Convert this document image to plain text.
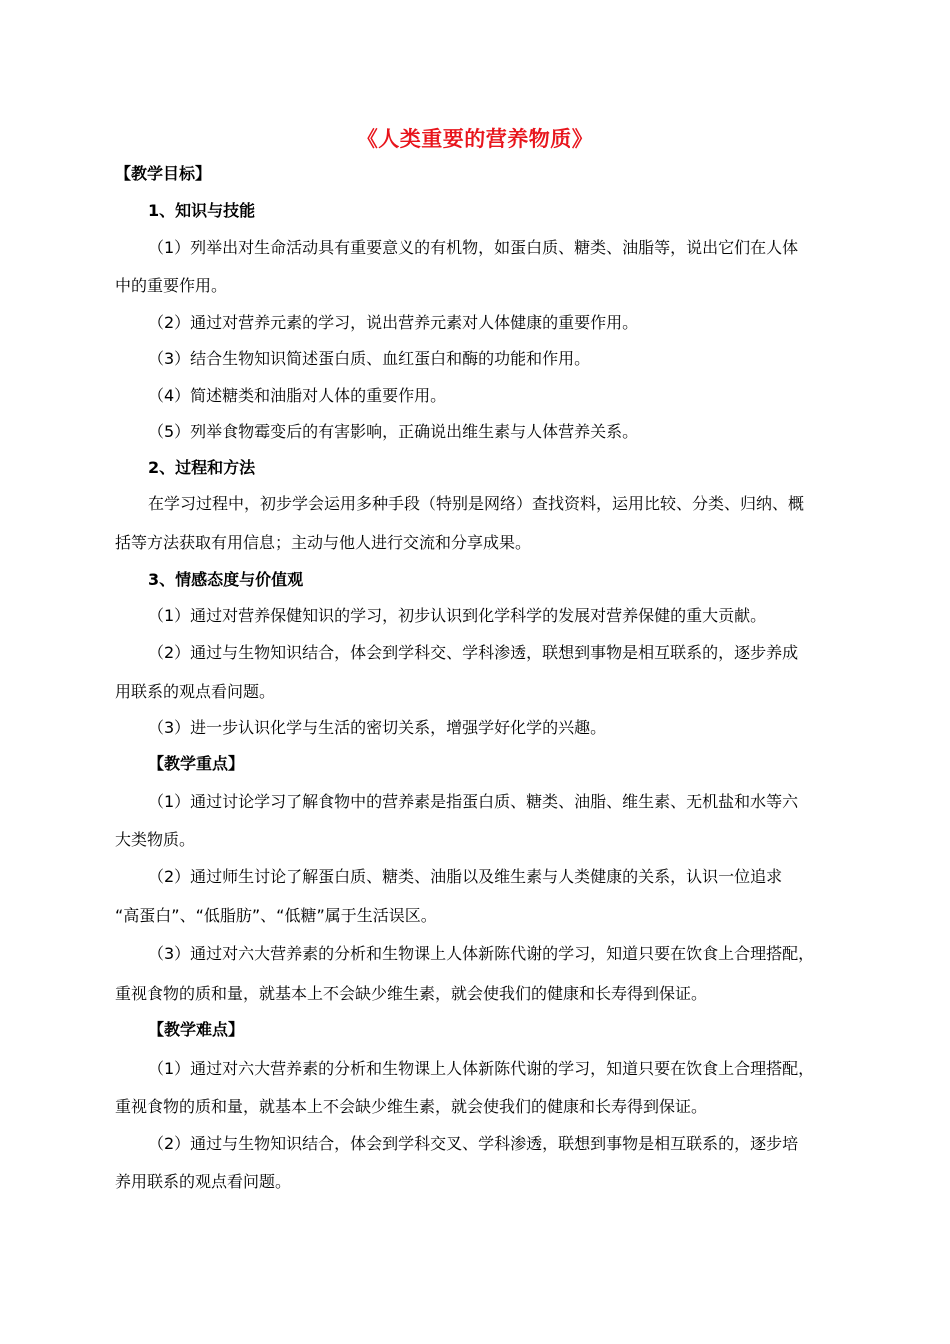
《人类重要的营养物质》
【教学目标】
1、知识与技能
（1）列举出对生命活动具有重要意义的有机物，如蛋白质、糖类、油脂等，说出它们在人体
中的重要作用。
（2）通过对营养元素的学习，说出营养元素对人体健康的重要作用。
（3）结合生物知识简述蛋白质、血红蛋白和酶的功能和作用。
（4）简述糖类和油脂对人体的重要作用。
（5）列举食物霉变后的有害影响，正确说出维生素与人体营养关系。
2、过程和方法
在学习过程中，初步学会运用多种手段（特别是网络）查找资料，运用比较、分类、归纳、概
括等方法获取有用信息；主动与他人进行交流和分享成果。
3、情感态度与价值观
（1）通过对营养保健知识的学习，初步认识到化学科学的发展对营养保健的重大贡献。
（2）通过与生物知识结合，体会到学科交、学科渗透，联想到事物是相互联系的，逐步养成
用联系的观点看问题。
（3）进一步认识化学与生活的密切关系，增强学好化学的兴趣。
【教学重点】
（1）通过讨论学习了解食物中的营养素是指蛋白质、糖类、油脂、维生素、无机盐和水等六
大类物质。
（2）通过师生讨论了解蛋白质、糖类、油脂以及维生素与人类健康的关系，认识一位追求
“高蛋白”、“低脂肪”、“低糖”属于生活误区。
（3）通过对六大营养素的分析和生物课上人体新陈代谢的学习，知道只要在饮食上合理搭配，
重视食物的质和量，就基本上不会缺少维生素，就会使我们的健康和长寿得到保证。
【教学难点】
（1）通过对六大营养素的分析和生物课上人体新陈代谢的学习，知道只要在饮食上合理搭配，
重视食物的质和量，就基本上不会缺少维生素，就会使我们的健康和长寿得到保证。
（2）通过与生物知识结合，体会到学科交叉、学科渗透，联想到事物是相互联系的，逐步培
养用联系的观点看问题。
